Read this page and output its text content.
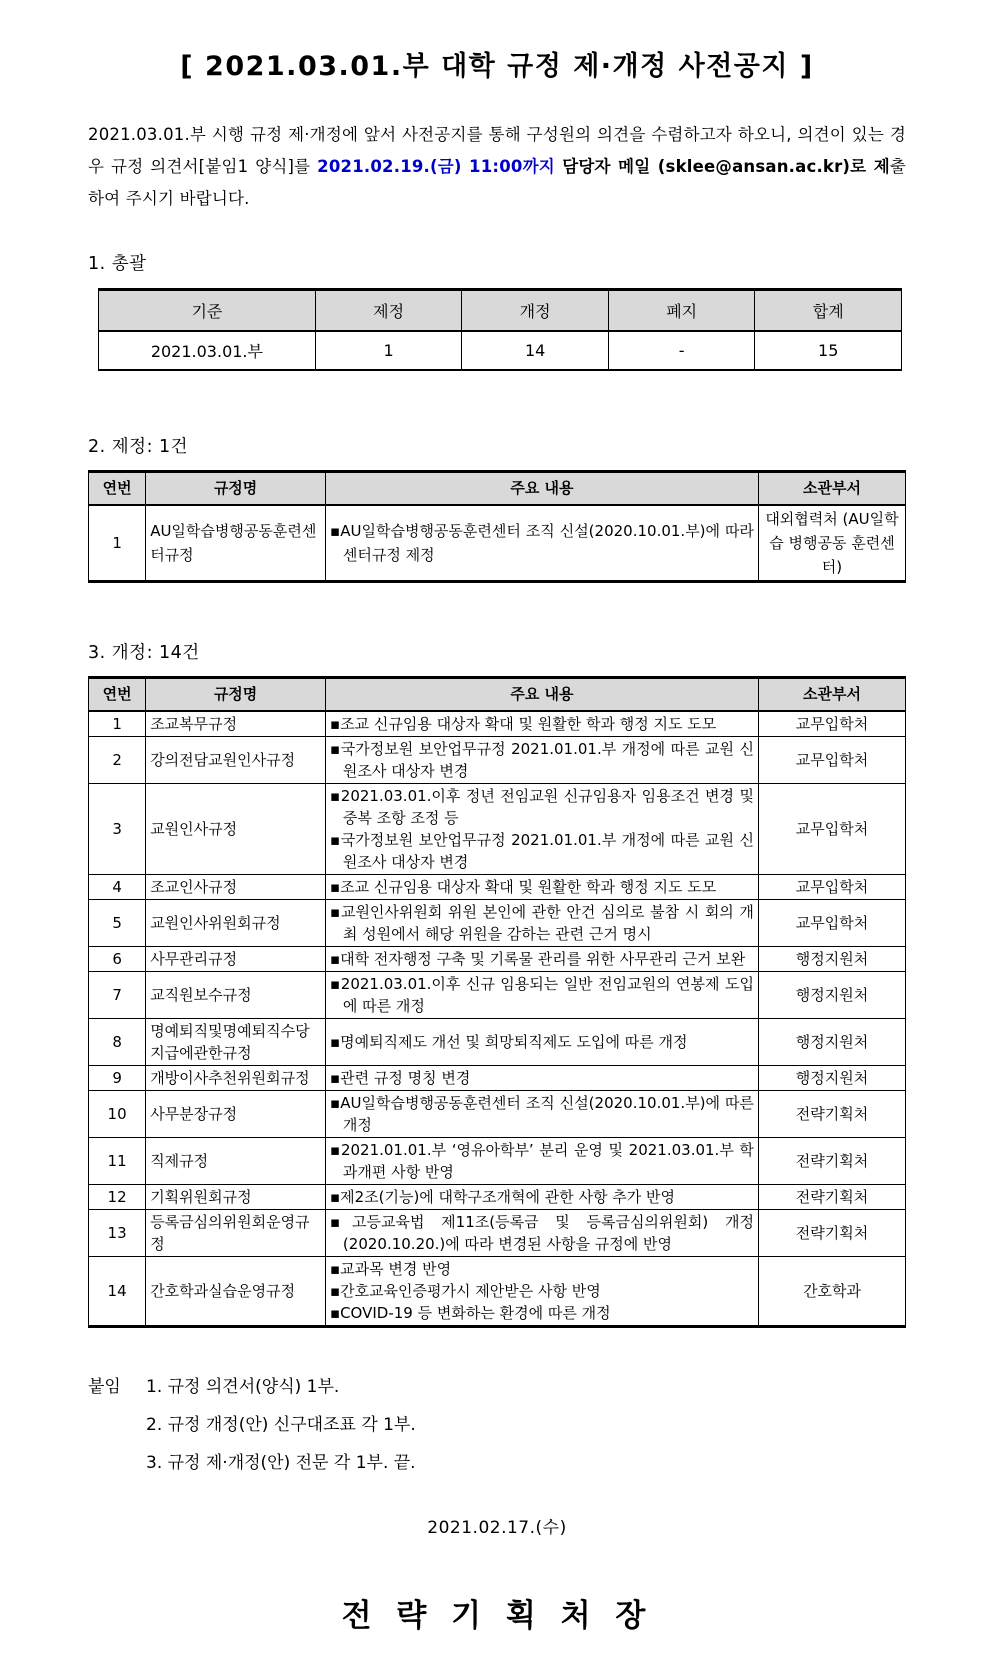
[ 2021.03.01.부 대학 규정 제·개정 사전공지 ]

2021.03.01.부 시행 규정 제·개정에 앞서 사전공지를 통해 구성원의 의견을 수렴하고자 하오니, 의견이 있는 경우 규정 의견서[붙임1 양식]를 2021.02.19.(금) 11:00까지 담당자 메일 (sklee@ansan.ac.kr)로 제출하여 주시기 바랍니다.

1. 총괄
기준	제정	개정	폐지	합계
2021.03.01.부	1	14	-	15
2. 제정: 1건
연번	규정명	주요 내용	소관부서
1	AU일학습병행공동훈련센터규정	▪AU일학습병행공동훈련센터 조직 신설(2020.10.01.부)에 따라 센터규정 제정	대외협력처 (AU일학습 병행공동 훈련센터)
3. 개정: 14건
연번	규정명	주요 내용	소관부서
1	조교복무규정	▪조교 신규임용 대상자 확대 및 원활한 학과 행정 지도 도모	교무입학처
2	강의전담교원인사규정	▪국가정보원 보안업무규정 2021.01.01.부 개정에 따른 교원 신원조사 대상자 변경	교무입학처
3	교원인사규정	▪2021.03.01.이후 정년 전임교원 신규임용자 임용조건 변경 및 중복 조항 조정 등
▪국가정보원 보안업무규정 2021.01.01.부 개정에 따른 교원 신원조사 대상자 변경	교무입학처
4	조교인사규정	▪조교 신규임용 대상자 확대 및 원활한 학과 행정 지도 도모	교무입학처
5	교원인사위원회규정	▪교원인사위원회 위원 본인에 관한 안건 심의로 불참 시 회의 개최 성원에서 해당 위원을 감하는 관련 근거 명시	교무입학처
6	사무관리규정	▪대학 전자행정 구축 및 기록물 관리를 위한 사무관리 근거 보완	행정지원처
7	교직원보수규정	▪2021.03.01.이후 신규 임용되는 일반 전임교원의 연봉제 도입에 따른 개정	행정지원처
8	명예퇴직및명예퇴직수당지급에관한규정	▪명예퇴직제도 개선 및 희망퇴직제도 도입에 따른 개정	행정지원처
9	개방이사추천위원회규정	▪관련 규정 명칭 변경	행정지원처
10	사무분장규정	▪AU일학습병행공동훈련센터 조직 신설(2020.10.01.부)에 따른 개정	전략기획처
11	직제규정	▪2021.01.01.부 ‘영유아학부’ 분리 운영 및 2021.03.01.부 학과개편 사항 반영	전략기획처
12	기획위원회규정	▪제2조(기능)에 대학구조개혁에 관한 사항 추가 반영	전략기획처
13	등록금심의위원회운영규정	▪고등교육법 제11조(등록금 및 등록금심의위원회) 개정 (2020.10.20.)에 따라 변경된 사항을 규정에 반영	전략기획처
14	간호학과실습운영규정	▪교과목 변경 반영
▪간호교육인증평가시 제안받은 사항 반영
▪COVID-19 등 변화하는 환경에 따른 개정	간호학과
붙임	1. 규정 의견서(양식) 1부.
2. 규정 개정(안) 신구대조표 각 1부.
3. 규정 제·개정(안) 전문 각 1부. 끝.
2021.02.17.(수)
전 략 기 획 처 장
